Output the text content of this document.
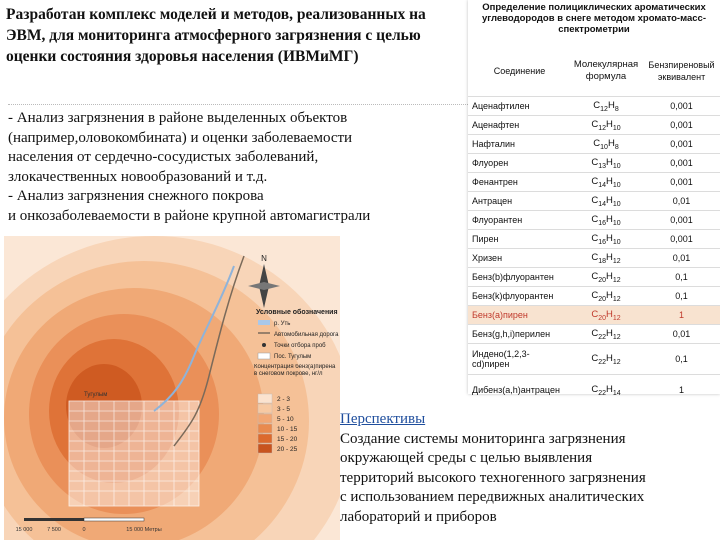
Разработан комплекс моделей и методов, реализованных на ЭВМ, для мониторинга атмосферного загрязнения с целью оценки состояния здоровья населения (ИВМиМГ)
- Анализ загрязнения в районе выделенных объектов
(например,оловокомбината) и оценки заболеваемости
населения от сердечно-сосудистых заболеваний,
злокачественных новообразований и т.д.
- Анализ загрязнения снежного покрова
и онкозаболеваемости в районе крупной автомагистрали
N
Условные обозначения
р. Уть
Автомобильная дорога
Точки отбора проб
Пос. Тугулым
Концентрация бенз(а)пирена в снеговом покрове, нг/л
2 - 3
3 - 5
5 - 10
10 - 15
15 - 20
20 - 25
Тугулым
15 000	7 500	0	15 000 Метры
Определение полициклических ароматических углеводородов в снеге методом хромато-масс-спектрометрии
Соединение	Молекулярная формула	Бензпиреновый эквивалент
Аценафтилен	$C_{12}H_8$	0,001
Аценафтен	$C_{12}H_{10}$	0,001
Нафталин	$C_{10}H_8$	0,001
Флуорен	$C_{13}H_{10}$	0,001
Фенантрен	$C_{14}H_{10}$	0,001
Антрацен	$C_{14}H_{10}$	0,01
Флуорантен	$C_{16}H_{10}$	0,001
Пирен	$C_{16}H_{10}$	0,001
Хризен	$C_{18}H_{12}$	0,01
Бенз(b)флуорантен	$C_{20}H_{12}$	0,1
Бенз(k)флуорантен	$C_{20}H_{12}$	0,1
Бенз(a)пирен	$C_{20}H_{12}$	1
Бенз(g,h,i)перилен	$C_{22}H_{12}$	0,01
Индено(1,2,3-cd)пирен	$C_{22}H_{12}$	0,1
Дибенз(a,h)антрацен	$C_{22}H_{14}$	1
Перспективы
Создание системы мониторинга загрязнения
окружающей среды с целью выявления
территорий высокого техногенного загрязнения
с использованием передвижных аналитических
лабораторий и приборов
